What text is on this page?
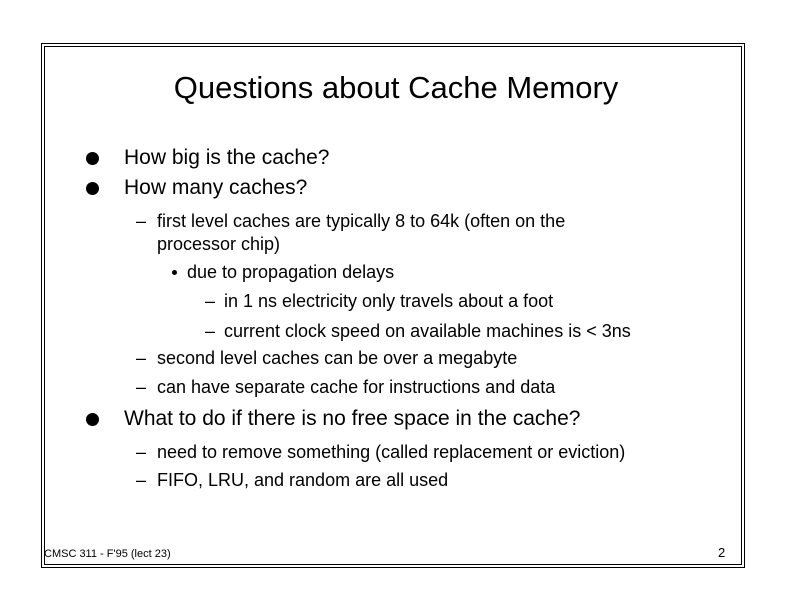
Questions about Cache Memory
How big is the cache?
How many caches?
– first level caches are typically 8 to 64k (often on the
processor chip)
due to propagation delays
– in 1 ns electricity only travels about a foot
– current clock speed on available machines is < 3ns
– second level caches can be over a megabyte
– can have separate cache for instructions and data
What to do if there is no free space in the cache?
– need to remove something (called replacement or eviction)
– FIFO, LRU, and random are all used
CMSC 311 - F'95 (lect 23)	2
